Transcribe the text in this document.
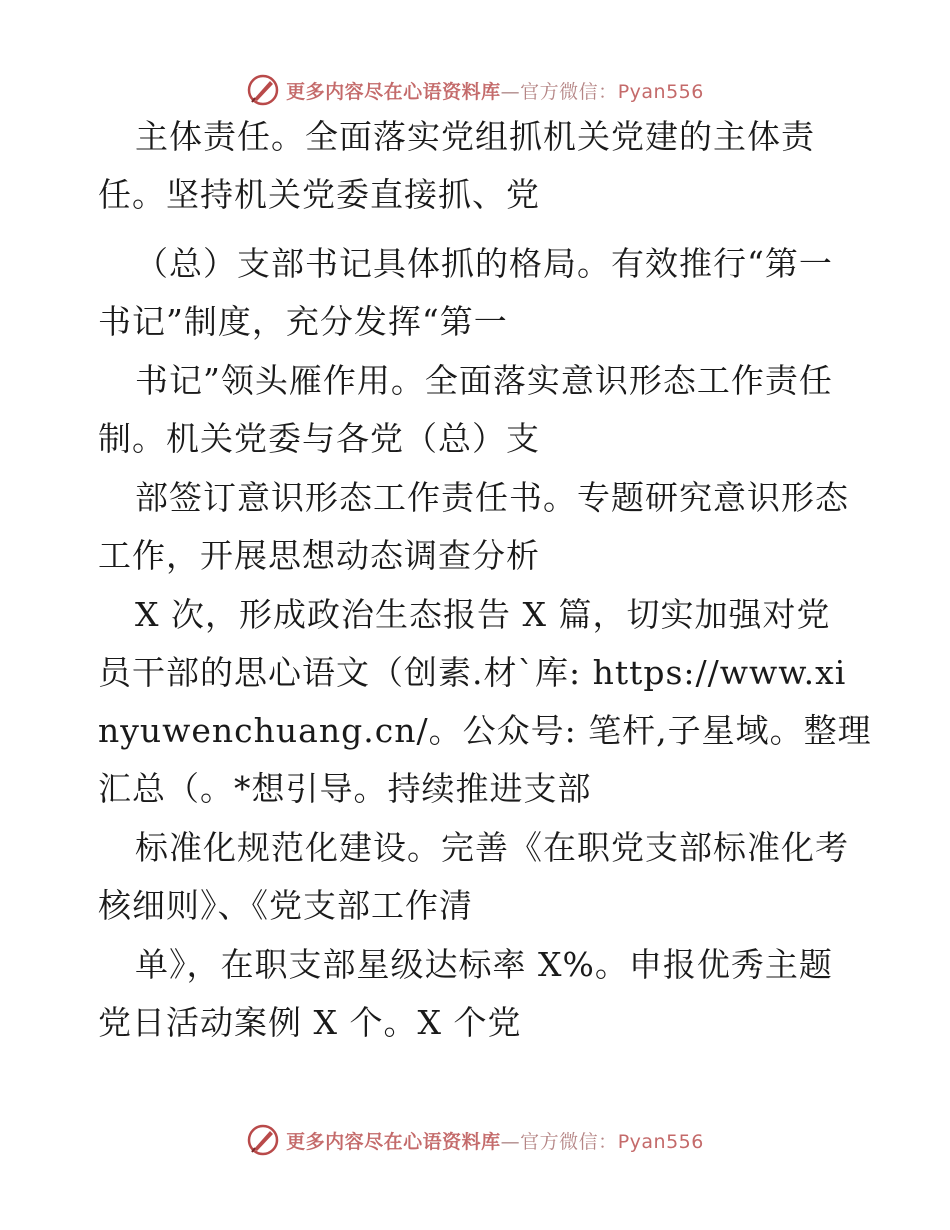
更多内容尽在心语资料库—官方微信：Pyan556
主体责任。全面落实党组抓机关党建的主体责
任。坚持机关党委直接抓、党
（总）支部书记具体抓的格局。有效推行“第一
书记”制度，充分发挥“第一
书记”领头雁作用。全面落实意识形态工作责任
制。机关党委与各党（总）支
部签订意识形态工作责任书。专题研究意识形态
工作，开展思想动态调查分析
X 次，形成政治生态报告 X 篇，切实加强对党
员干部的思心语文（创素.材`库: https://www.xi
nyuwenchuang.cn/。公众号: 笔杆,子星域。整理
汇总（。*想引导。持续推进支部
标准化规范化建设。完善《在职党支部标准化考
核细则》、《党支部工作清
单》，在职支部星级达标率 X%。申报优秀主题
党日活动案例 X 个。X 个党
更多内容尽在心语资料库—官方微信：Pyan556
